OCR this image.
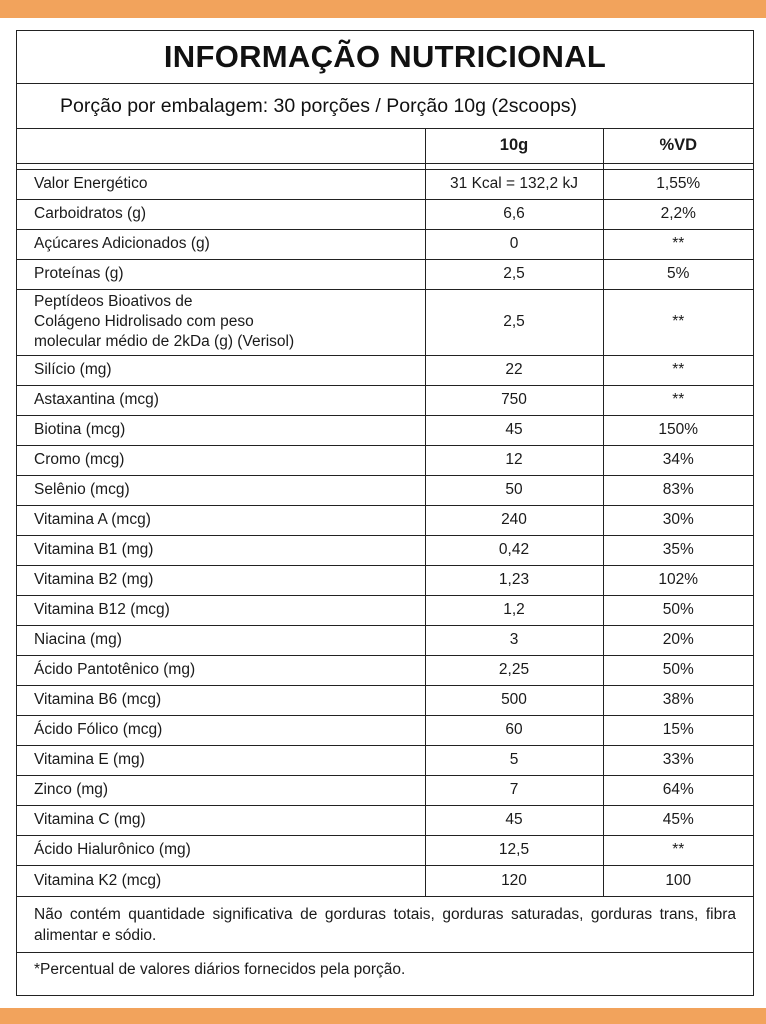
INFORMAÇÃO NUTRICIONAL
Porção por embalagem: 30 porções / Porção 10g (2scoops)
	10g	%VD

Valor Energético	31 Kcal = 132,2 kJ	1,55%
Carboidratos (g)	6,6	2,2%
Açúcares Adicionados (g)	0	**
Proteínas (g)	2,5	5%
Peptídeos Bioativos de
Colágeno Hidrolisado com peso
molecular médio de 2kDa (g) (Verisol)	2,5	**
Silício (mg)	22	**
Astaxantina (mcg)	750	**
Biotina (mcg)	45	150%
Cromo (mcg)	12	34%
Selênio (mcg)	50	83%
Vitamina A (mcg)	240	30%
Vitamina B1 (mg)	0,42	35%
Vitamina B2 (mg)	1,23	102%
Vitamina B12 (mcg)	1,2	50%
Niacina (mg)	3	20%
Ácido Pantotênico (mg)	2,25	50%
Vitamina B6 (mcg)	500	38%
Ácido Fólico (mcg)	60	15%
Vitamina E (mg)	5	33%
Zinco (mg)	7	64%
Vitamina C (mg)	45	45%
Ácido Hialurônico (mg)	12,5	**
Vitamina K2 (mcg)	120	100
Não contém quantidade significativa de gorduras totais, gorduras saturadas, gorduras trans, fibra alimentar e sódio.
*Percentual de valores diários fornecidos pela porção.
